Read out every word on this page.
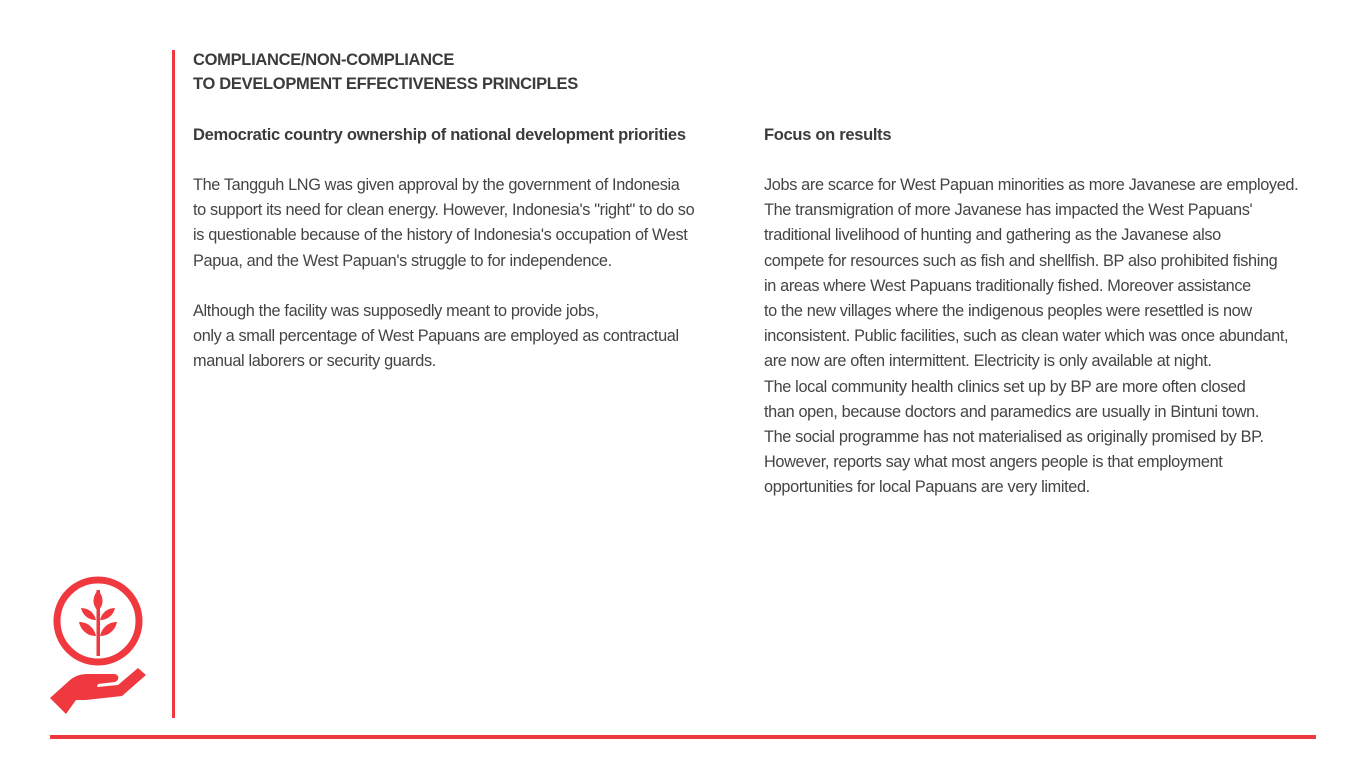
COMPLIANCE/NON-COMPLIANCE
TO DEVELOPMENT EFFECTIVENESS PRINCIPLES
Democratic country ownership of national development priorities

The Tangguh LNG was given approval by the government of Indonesia
to support its need for clean energy. However, Indonesia's "right" to do so
is questionable because of the history of Indonesia's occupation of West
Papua, and the West Papuan's struggle to for independence.

Although the facility was supposedly meant to provide jobs,
only a small percentage of West Papuans are employed as contractual
manual laborers or security guards.

Focus on results

Jobs are scarce for West Papuan minorities as more Javanese are employed.
The transmigration of more Javanese has impacted the West Papuans'
traditional livelihood of hunting and gathering as the Javanese also
compete for resources such as fish and shellfish. BP also prohibited fishing
in areas where West Papuans traditionally fished. Moreover assistance
to the new villages where the indigenous peoples were resettled is now
inconsistent. Public facilities, such as clean water which was once abundant,
are now are often intermittent. Electricity is only available at night.
The local community health clinics set up by BP are more often closed
than open, because doctors and paramedics are usually in Bintuni town.
The social programme has not materialised as originally promised by BP.
However, reports say what most angers people is that employment
opportunities for local Papuans are very limited.
